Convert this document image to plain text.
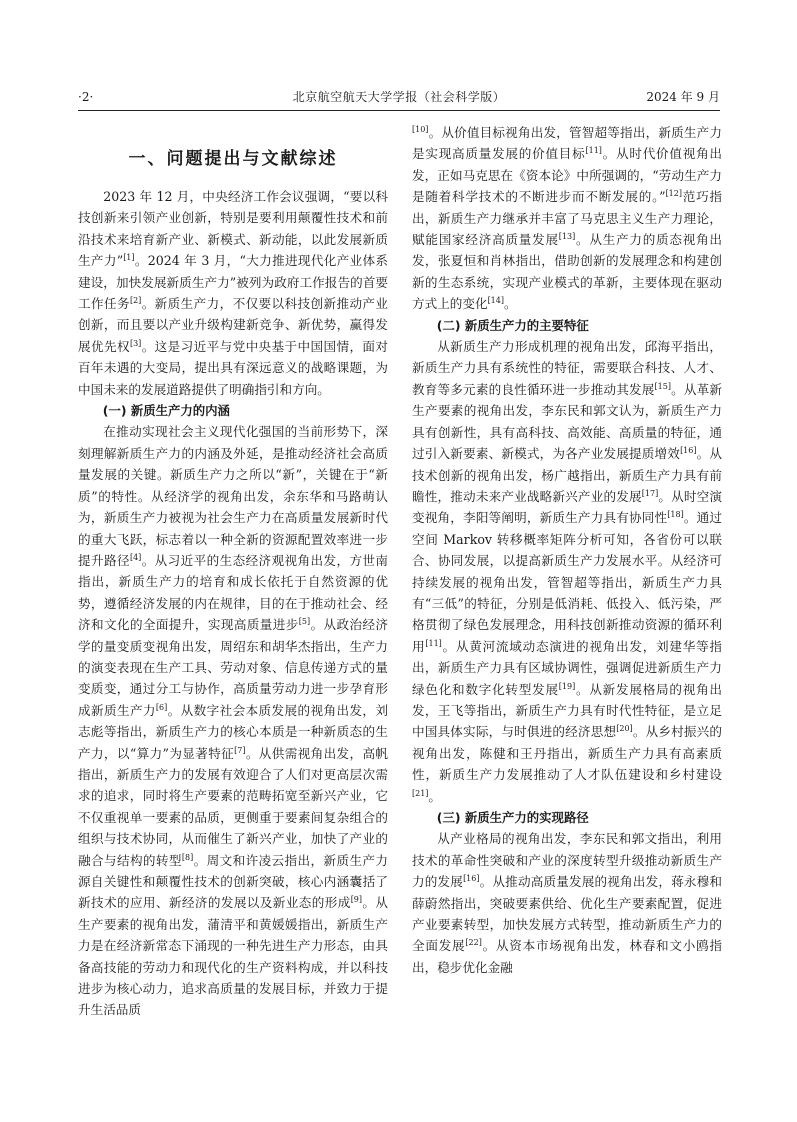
·2·	北京航空航天大学学报（社会科学版）	2024 年 9 月
一、问题提出与文献综述

2023 年 12 月，中央经济工作会议强调，“要以科技创新来引领产业创新，特别是要利用颠覆性技术和前沿技术来培育新产业、新模式、新动能，以此发展新质生产力”[1]。2024 年 3 月，“大力推进现代化产业体系建设，加快发展新质生产力”被列为政府工作报告的首要工作任务[2]。新质生产力，不仅要以科技创新推动产业创新，而且要以产业升级构建新竞争、新优势，赢得发展优先权[3]。这是习近平与党中央基于中国国情，面对百年未遇的大变局，提出具有深远意义的战略课题，为中国未来的发展道路提供了明确指引和方向。

(一) 新质生产力的内涵

在推动实现社会主义现代化强国的当前形势下，深刻理解新质生产力的内涵及外延，是推动经济社会高质量发展的关键。新质生产力之所以“新”，关键在于“新质”的特性。从经济学的视角出发，余东华和马路萌认为，新质生产力被视为社会生产力在高质量发展新时代的重大飞跃，标志着以一种全新的资源配置效率进一步提升路径[4]。从习近平的生态经济观视角出发，方世南指出，新质生产力的培育和成长依托于自然资源的优势，遵循经济发展的内在规律，目的在于推动社会、经济和文化的全面提升，实现高质量进步[5]。从政治经济学的量变质变视角出发，周绍东和胡华杰指出，生产力的演变表现在生产工具、劳动对象、信息传递方式的量变质变，通过分工与协作，高质量劳动力进一步孕育形成新质生产力[6]。从数字社会本质发展的视角出发，刘志彪等指出，新质生产力的核心本质是一种新质态的生产力，以“算力”为显著特征[7]。从供需视角出发，高帆指出，新质生产力的发展有效迎合了人们对更高层次需求的追求，同时将生产要素的范畴拓宽至新兴产业，它不仅重视单一要素的品质，更侧重于要素间复杂组合的组织与技术协同，从而催生了新兴产业，加快了产业的融合与结构的转型[8]。周文和许凌云指出，新质生产力源自关键性和颠覆性技术的创新突破，核心内涵囊括了新技术的应用、新经济的发展以及新业态的形成[9]。从生产要素的视角出发，蒲清平和黄媛媛指出，新质生产力是在经济新常态下涌现的一种先进生产力形态，由具备高技能的劳动力和现代化的生产资料构成，并以科技进步为核心动力，追求高质量的发展目标，并致力于提升生活品质

[10]。从价值目标视角出发，管智超等指出，新质生产力是实现高质量发展的价值目标[11]。从时代价值视角出发，正如马克思在《资本论》中所强调的，“劳动生产力是随着科学技术的不断进步而不断发展的。”[12]范巧指出，新质生产力继承并丰富了马克思主义生产力理论，赋能国家经济高质量发展[13]。从生产力的质态视角出发，张夏恒和肖林指出，借助创新的发展理念和构建创新的生态系统，实现产业模式的革新，主要体现在驱动方式上的变化[14]。

(二) 新质生产力的主要特征

从新质生产力形成机理的视角出发，邱海平指出，新质生产力具有系统性的特征，需要联合科技、人才、教育等多元素的良性循环进一步推动其发展[15]。从革新生产要素的视角出发，李东民和郭文认为，新质生产力具有创新性，具有高科技、高效能、高质量的特征，通过引入新要素、新模式，为各产业发展提质增效[16]。从技术创新的视角出发，杨广越指出，新质生产力具有前瞻性，推动未来产业战略新兴产业的发展[17]。从时空演变视角，李阳等阐明，新质生产力具有协同性[18]。通过空间 Markov 转移概率矩阵分析可知，各省份可以联合、协同发展，以提高新质生产力发展水平。从经济可持续发展的视角出发，管智超等指出，新质生产力具有“三低”的特征，分别是低消耗、低投入、低污染，严格贯彻了绿色发展理念，用科技创新推动资源的循环利用[11]。从黄河流域动态演进的视角出发，刘建华等指出，新质生产力具有区域协调性，强调促进新质生产力绿色化和数字化转型发展[19]。从新发展格局的视角出发，王飞等指出，新质生产力具有时代性特征，是立足中国具体实际，与时俱进的经济思想[20]。从乡村振兴的视角出发，陈健和王丹指出，新质生产力具有高素质性，新质生产力发展推动了人才队伍建设和乡村建设[21]。

(三) 新质生产力的实现路径

从产业格局的视角出发，李东民和郭文指出，利用技术的革命性突破和产业的深度转型升级推动新质生产力的发展[16]。从推动高质量发展的视角出发，蒋永穆和薛蔚然指出，突破要素供给、优化生产要素配置，促进产业要素转型，加快发展方式转型，推动新质生产力的全面发展[22]。从资本市场视角出发，林春和文小鸥指出，稳步优化金融
